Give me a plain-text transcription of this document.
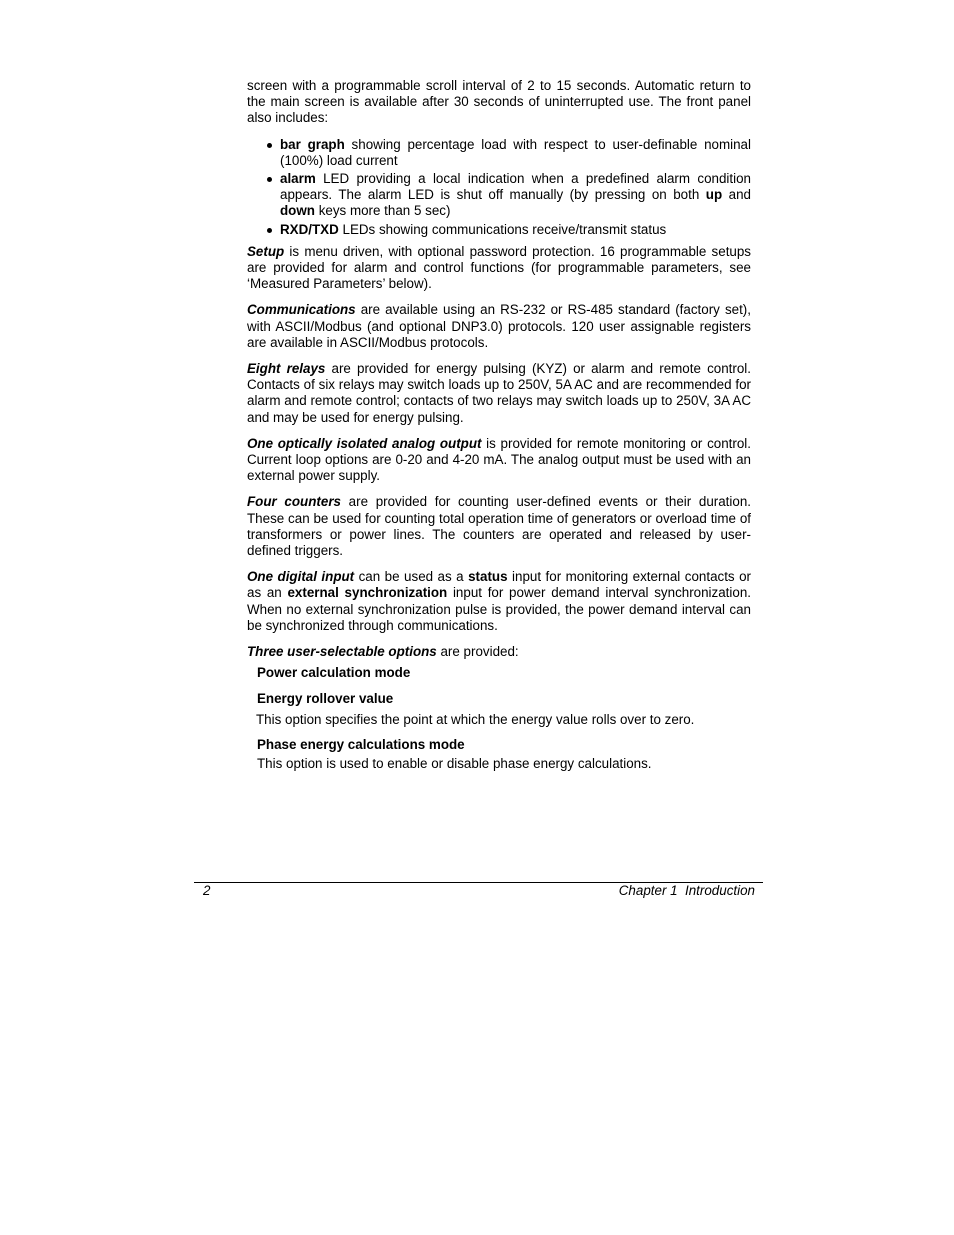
screen with a programmable scroll interval of 2 to 15 seconds. Automatic return to the main screen is available after 30 seconds of uninterrupted use. The front panel also includes:

bar graph showing percentage load with respect to user-definable nominal (100%) load current
alarm LED providing a local indication when a predefined alarm condition appears. The alarm LED is shut off manually (by pressing on both up and down keys more than 5 sec)
RXD/TXD LEDs showing communications receive/transmit status

Setup is menu driven, with optional password protection. 16 programmable setups are provided for alarm and control functions (for programmable parameters, see ‘Measured Parameters’ below).

Communications are available using an RS-232 or RS-485 standard (factory set), with ASCII/Modbus (and optional DNP3.0) protocols. 120 user assignable registers are available in ASCII/Modbus protocols.

Eight relays are provided for energy pulsing (KYZ) or alarm and remote control. Contacts of six relays may switch loads up to 250V, 5A AC and are recommended for alarm and remote control; contacts of two relays may switch loads up to 250V, 3A AC and may be used for energy pulsing.

One optically isolated analog output is provided for remote monitoring or control. Current loop options are 0-20 and 4-20 mA. The analog output must be used with an external power supply.

Four counters are provided for counting user-defined events or their duration. These can be used for counting total operation time of generators or overload time of transformers or power lines. The counters are operated and released by user-defined triggers.

One digital input can be used as a status input for monitoring external contacts or as an external synchronization input for power demand interval synchronization. When no external synchronization pulse is provided, the power demand interval can be synchronized through communications.

Three user-selectable options are provided:

Power calculation mode

Energy rollover value

This option specifies the point at which the energy value rolls over to zero.

Phase energy calculations mode

This option is used to enable or disable phase energy calculations.

2	Chapter 1  Introduction
